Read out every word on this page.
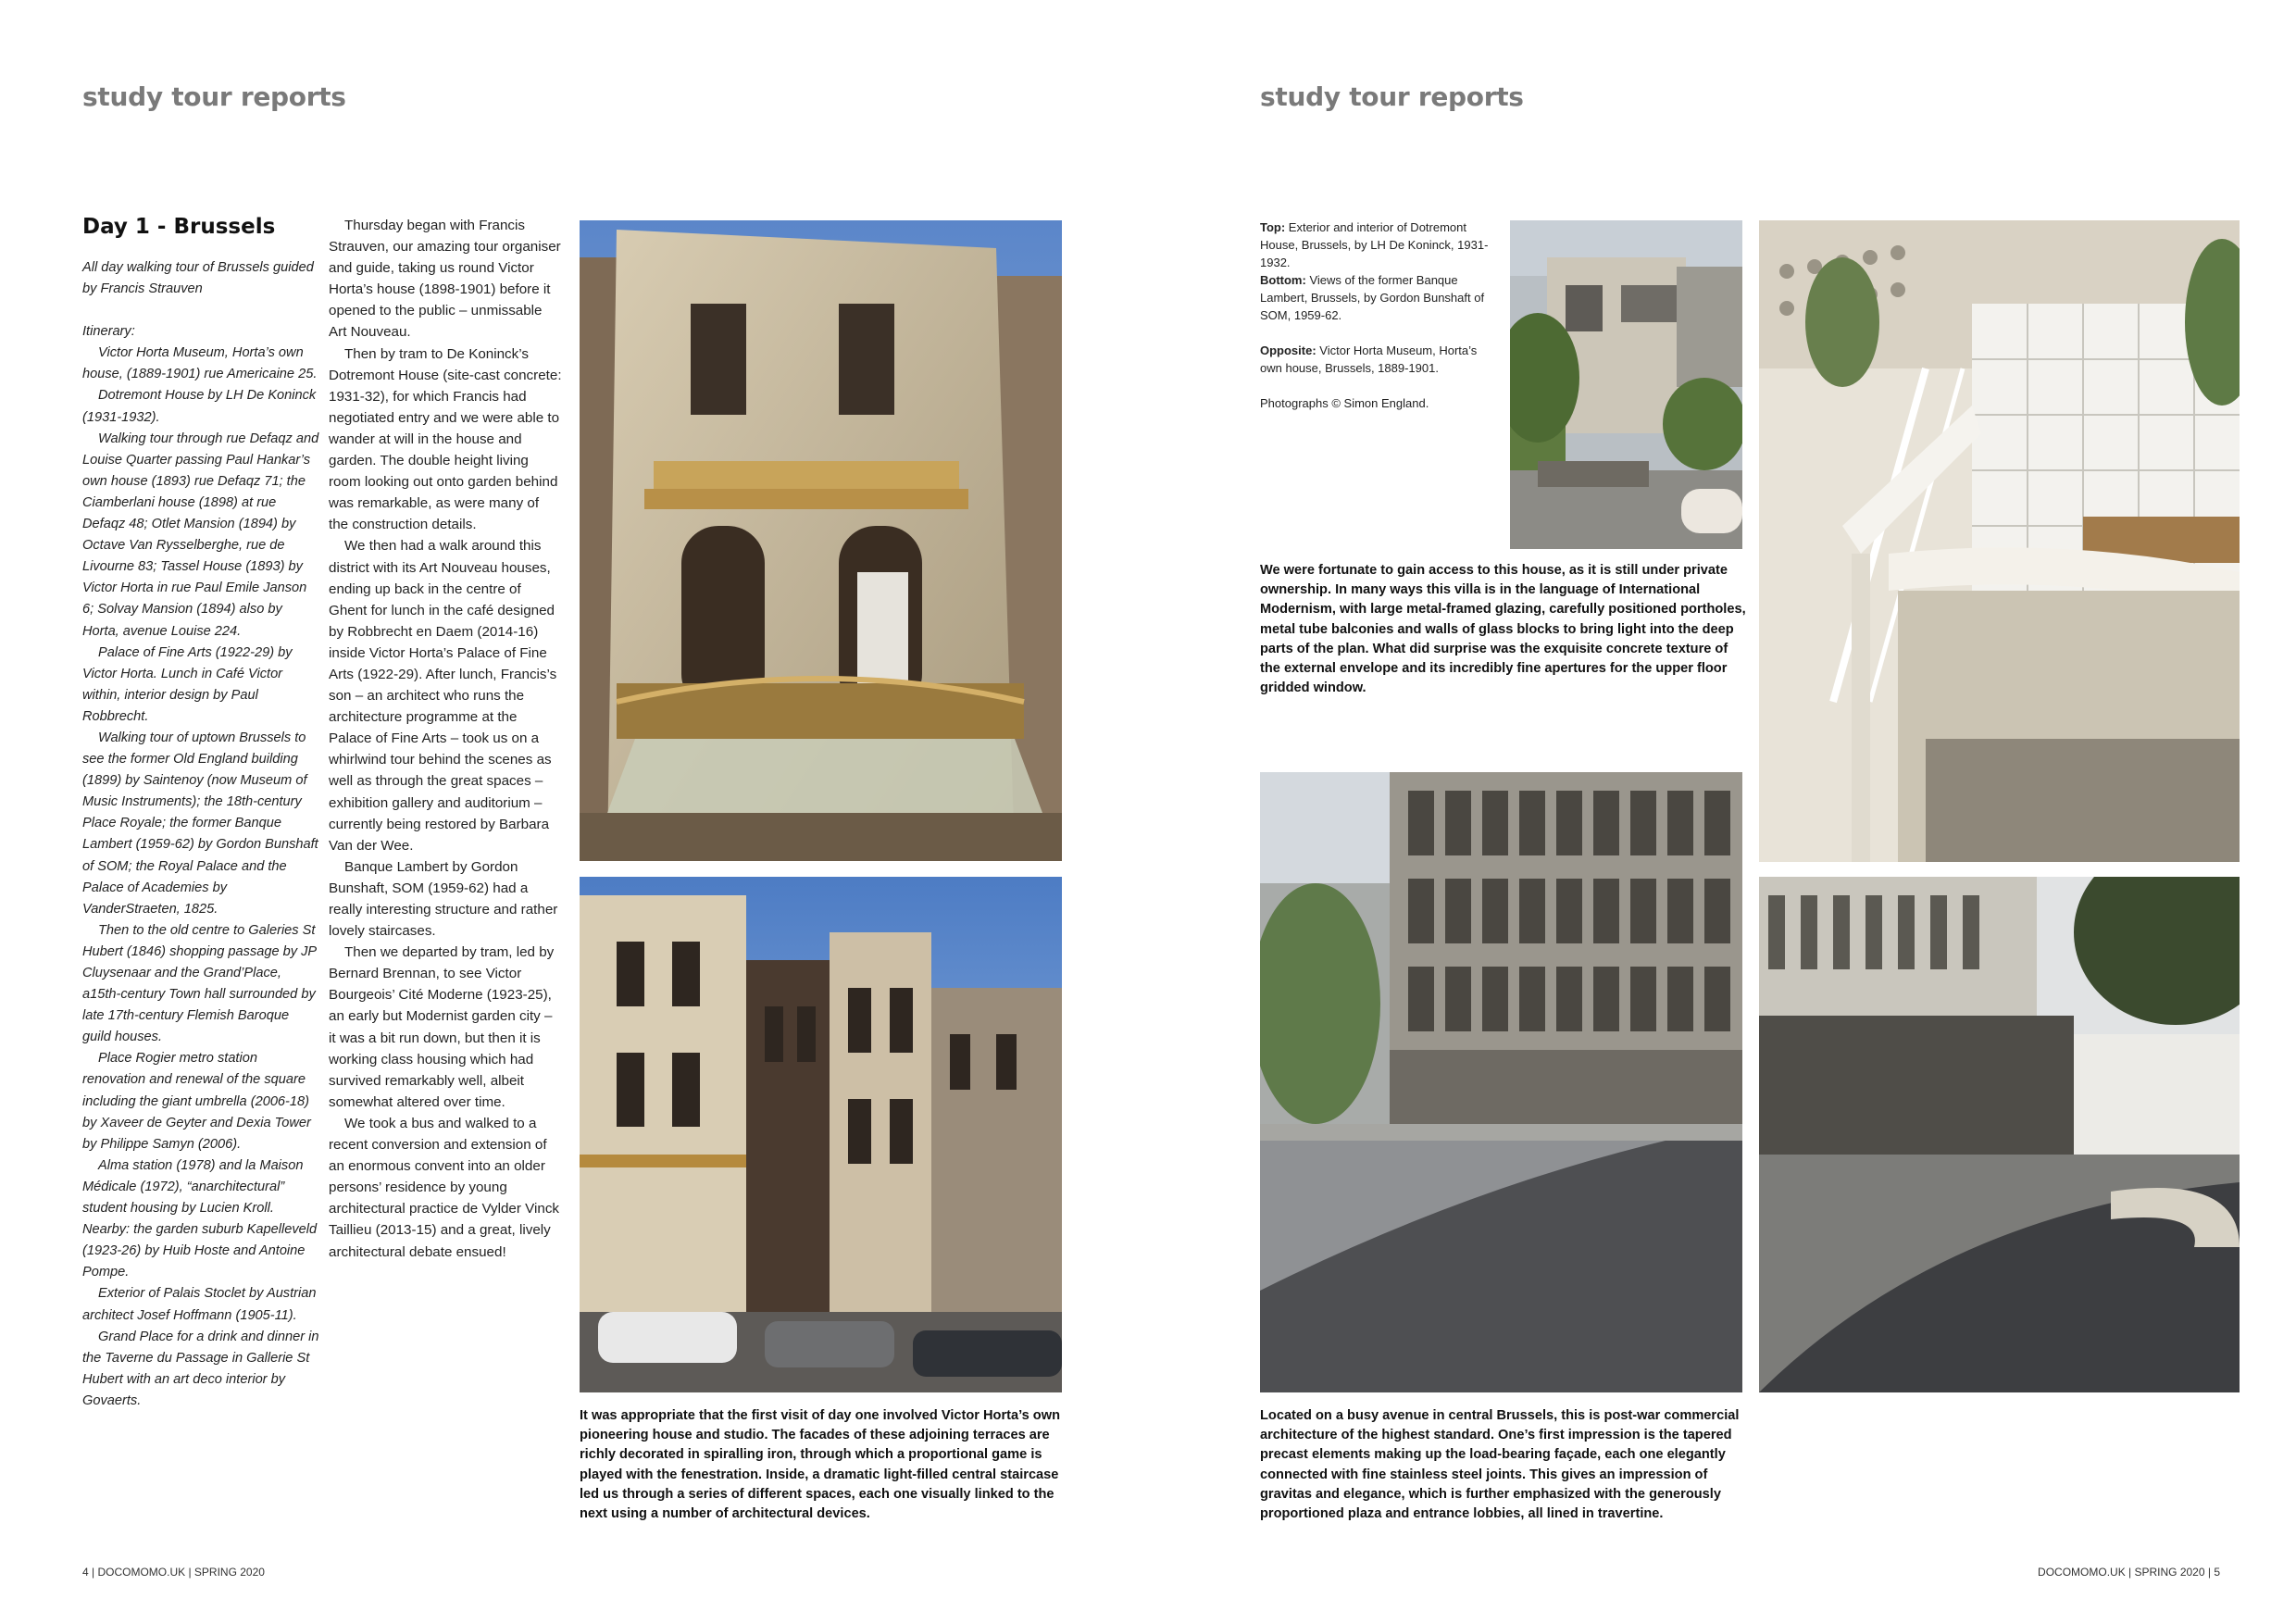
study tour reports
Day 1 - Brussels

All day walking tour of Brussels guided by Francis Strauven

Itinerary:

Victor Horta Museum, Horta’s own house, (1889-1901) rue Americaine 25.

Dotremont House by LH De Koninck (1931-1932).

Walking tour through rue Defaqz and Louise Quarter passing Paul Hankar’s own house (1893) rue Defaqz 71; the Ciamberlani house (1898) at rue Defaqz 48; Otlet Mansion (1894) by Octave Van Rysselberghe, rue de Livourne 83; Tassel House (1893) by Victor Horta in rue Paul Emile Janson 6; Solvay Mansion (1894) also by Horta, avenue Louise 224.

Palace of Fine Arts (1922-29) by Victor Horta. Lunch in Café Victor within, interior design by Paul Robbrecht.

Walking tour of uptown Brussels to see the former Old England building (1899) by Saintenoy (now Museum of Music Instruments); the 18th-century Place Royale; the former Banque Lambert (1959-62) by Gordon Bunshaft of SOM; the Royal Palace and the Palace of Academies by VanderStraeten, 1825.

Then to the old centre to Galeries St Hubert (1846) shopping passage by JP Cluysenaar and the Grand’Place, a15th-century Town hall surrounded by late 17th-century Flemish Baroque guild houses.

Place Rogier metro station renovation and renewal of the square including the giant umbrella (2006-18) by Xaveer de Geyter and Dexia Tower by Philippe Samyn (2006).

Alma station (1978) and la Maison Médicale (1972), “anarchitectural” student housing by Lucien Kroll. Nearby: the garden suburb Kapelleveld (1923-26) by Huib Hoste and Antoine Pompe.

Exterior of Palais Stoclet by Austrian architect Josef Hoffmann (1905-11).

Grand Place for a drink and dinner in the Taverne du Passage in Gallerie St Hubert with an art deco interior by Govaerts.

Thursday began with Francis Strauven, our amazing tour organiser and guide, taking us round Victor Horta’s house (1898-1901) before it opened to the public – unmissable Art Nouveau.

Then by tram to De Koninck’s Dotremont House (site-cast concrete: 1931-32), for which Francis had negotiated entry and we were able to wander at will in the house and garden. The double height living room looking out onto garden behind was remarkable, as were many of the construction details.

We then had a walk around this district with its Art Nouveau houses, ending up back in the centre of Ghent for lunch in the café designed by Robbrecht en Daem (2014-16) inside Victor Horta’s Palace of Fine Arts (1922-29). After lunch, Francis’s son – an architect who runs the architecture programme at the Palace of Fine Arts – took us on a whirlwind tour behind the scenes as well as through the great spaces – exhibition gallery and auditorium – currently being restored by Barbara Van der Wee.

Banque Lambert by Gordon Bunshaft, SOM (1959-62) had a really interesting structure and rather lovely staircases.

Then we departed by tram, led by Bernard Brennan, to see Victor Bourgeois’ Cité Moderne (1923-25), an early but Modernist garden city – it was a bit run down, but then it is working class housing which had survived remarkably well, albeit somewhat altered over time.

We took a bus and walked to a recent conversion and extension of an enormous convent into an older persons’ residence by young architectural practice de Vylder Vinck Taillieu (2013-15) and a great, lively architectural debate ensued!

It was appropriate that the first visit of day one involved Victor Horta’s own pioneering house and studio. The facades of these adjoining terraces are richly decorated in spiralling iron, through which a proportional game is played with the fenestration. Inside, a dramatic light-filled central staircase led us through a series of different spaces, each one visually linked to the next using a number of architectural devices.
4 | DOCOMOMO.UK | SPRING 2020
study tour reports

Top: Exterior and interior of Dotremont House, Brussels, by LH De Koninck, 1931-1932.
Bottom: Views of the former Banque Lambert, Brussels, by Gordon Bunshaft of SOM, 1959-62.

Opposite: Victor Horta Museum, Horta’s own house, Brussels, 1889-1901.

Photographs © Simon England.

We were fortunate to gain access to this house, as it is still under private ownership. In many ways this villa is in the language of International Modernism, with large metal-framed glazing, carefully positioned portholes, metal tube balconies and walls of glass blocks to bring light into the deep parts of the plan. What did surprise was the exquisite concrete texture of the external envelope and its incredibly fine apertures for the upper floor gridded window.
Located on a busy avenue in central Brussels, this is post-war commercial architecture of the highest standard. One’s first impression is the tapered precast elements making up the load-bearing façade, each one elegantly connected with fine stainless steel joints. This gives an impression of gravitas and elegance, which is further emphasized with the generously proportioned plaza and entrance lobbies, all lined in travertine.
DOCOMOMO.UK | SPRING 2020 | 5
